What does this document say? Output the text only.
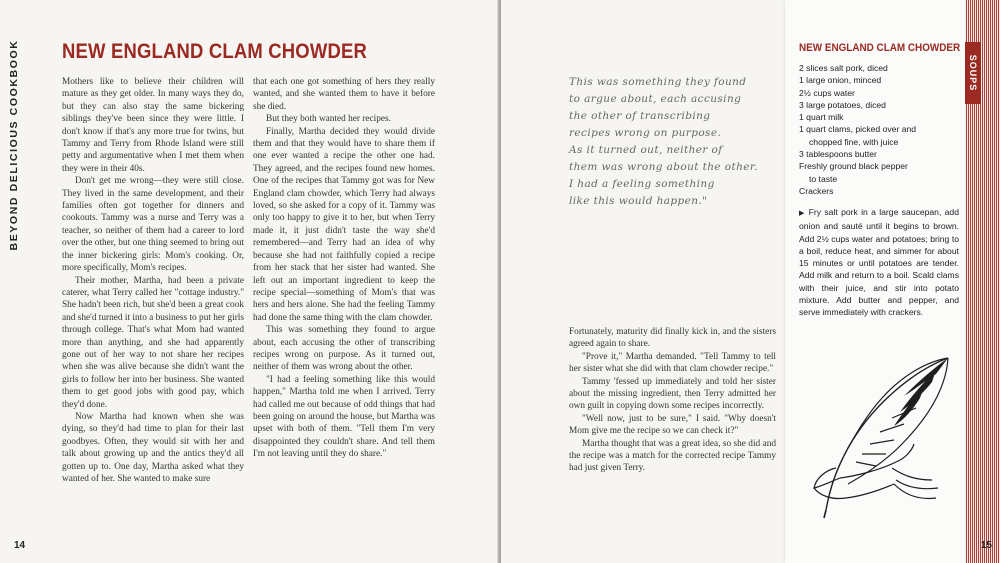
BEYOND DELICIOUS COOKBOOK NEW ENGLAND CLAM CHOWDER

Mothers like to believe their children will mature as they get older. In many ways they do, but they can also stay the same bickering siblings they've been since they were little. I don't know if that's any more true for twins, but Tammy and Terry from Rhode Island were still petty and argumentative when I met them when they were in their 40s.

Don't get me wrong—they were still close. They lived in the same development, and their families often got together for dinners and cookouts. Tammy was a nurse and Terry was a teacher, so neither of them had a career to lord over the other, but one thing seemed to bring out the inner bickering girls: Mom's cooking. Or, more specifically, Mom's recipes.

Their mother, Martha, had been a private caterer, what Terry called her "cottage industry." She hadn't been rich, but she'd been a great cook and she'd turned it into a business to put her girls through college. That's what Mom had wanted more than anything, and she had apparently gone out of her way to not share her recipes when she was alive because she didn't want the girls to follow her into her business. She wanted them to get good jobs with good pay, which they'd done.

Now Martha had known when she was dying, so they'd had time to plan for their last goodbyes. Often, they would sit with her and talk about growing up and the antics they'd all gotten up to. One day, Martha asked what they wanted of her. She wanted to make sure

that each one got something of hers they really wanted, and she wanted them to have it before she died.

But they both wanted her recipes.

Finally, Martha decided they would divide them and that they would have to share them if one ever wanted a recipe the other one had. They agreed, and the recipes found new homes. One of the recipes that Tammy got was for New England clam chowder, which Terry had always loved, so she asked for a copy of it. Tammy was only too happy to give it to her, but when Terry made it, it just didn't taste the way she'd remembered—and Terry had an idea of why because she had not faithfully copied a recipe from her stack that her sister had wanted. She left out an important ingredient to keep the recipe special—something of Mom's that was hers and hers alone. She had the feeling Tammy had done the same thing with the clam chowder.

This was something they found to argue about, each accusing the other of transcribing recipes wrong on purpose. As it turned out, neither of them was wrong about the other.

"I had a feeling something like this would happen," Martha told me when I arrived. Terry had called me out because of odd things that had been going on around the house, but Martha was upset with both of them. "Tell them I'm very disappointed they couldn't share. And tell them I'm not leaving until they do share."

14
This was something they found
to argue about, each accusing
the other of transcribing
recipes wrong on purpose.
As it turned out, neither of
them was wrong about the other.
I had a feeling something
like this would happen."

Fortunately, maturity did finally kick in, and the sisters agreed again to share.

"Prove it," Martha demanded. "Tell Tammy to tell her sister what she did with that clam chowder recipe."

Tammy 'fessed up immediately and told her sister about the missing ingredient, then Terry admitted her own guilt in copying down some recipes incorrectly.

"Well now, just to be sure," I said. "Why doesn't Mom give me the recipe so we can check it?"

Martha thought that was a great idea, so she did and the recipe was a match for the corrected recipe Tammy had just given Terry.

NEW ENGLAND CLAM CHOWDER
2 slices salt pork, diced
1 large onion, minced
2½ cups water
3 large potatoes, diced
1 quart milk
1 quart clams, picked over and
chopped fine, with juice
3 tablespoons butter
Freshly ground black pepper
to taste
Crackers
▶ Fry salt pork in a large saucepan, add onion and sauté until it begins to brown. Add 2½ cups water and potatoes; bring to a boil, reduce heat, and simmer for about 15 minutes or until potatoes are tender. Add milk and return to a boil. Scald clams with their juice, and stir into potato mixture. Add butter and pepper, and serve immediately with crackers.
SOUPS
15
